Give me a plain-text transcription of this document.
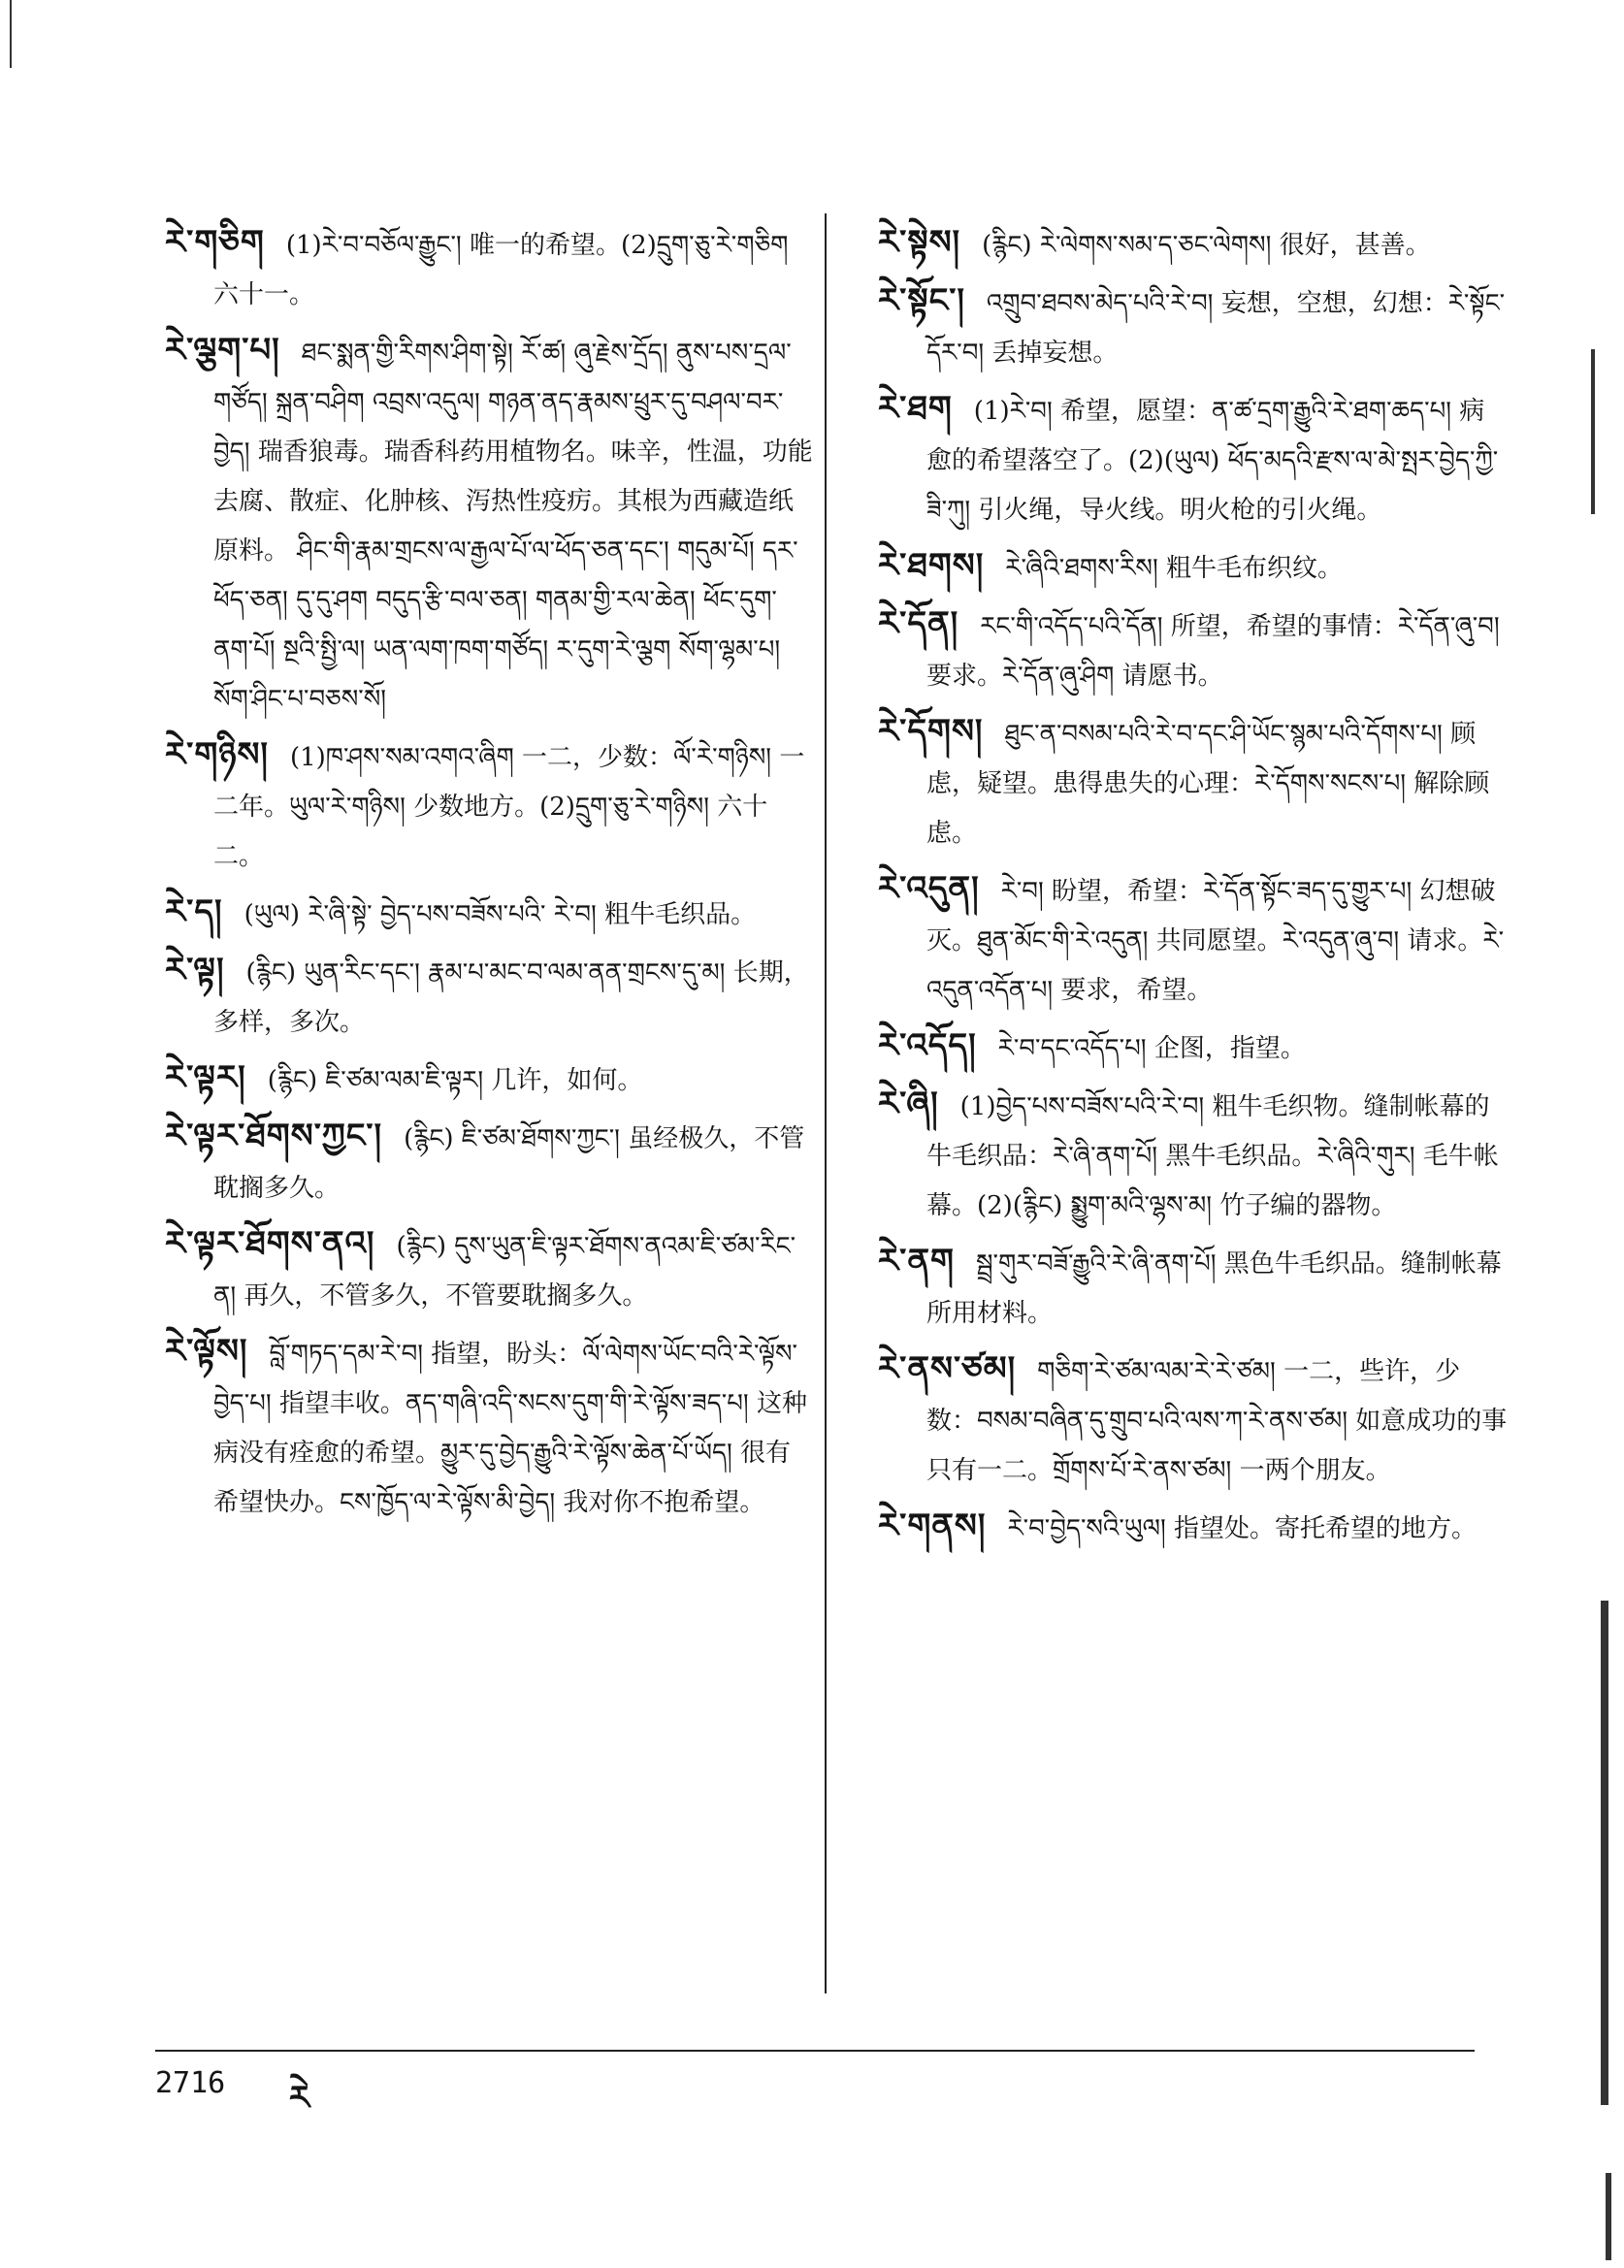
རེ་གཅིག (1)རེ་བ་བཅོལ་རྒྱུང་། 唯一的希望。(2)དྲུག་ཅུ་རེ་གཅིག 六十一。
རེ་ལྕག་པ། ཐང་སྨན་གྱི་རིགས་ཤིག་སྟེ། རོ་ཚ། ཞུ་རྗེས་དྲོད། ནུས་པས་དྲལ་གཙོད། སྐྲན་བཤིག འབྲས་འདུལ། གཉན་ནད་རྣམས་ཕྲུར་དུ་བཤལ་བར་བྱེད། 瑞香狼毒。瑞香科药用植物名。味辛，性温，功能去腐、散症、化肿核、泻热性疫疠。其根为西藏造纸原料。 ཤིང་གི་རྣམ་གྲངས་ལ་རྒྱལ་པོ་ལ་ཕོད་ཅན་དང་། གདུམ་པོ། དར་ཕོད་ཅན། དུ་དུ་ཤག བདུད་རྩི་བལ་ཅན། གནམ་གྱི་རལ་ཆེན། ཕོང་དུག་ནག་པོ། སྔའི་སྤྱི་ལ། ཡན་ལག་ཁག་གཙོད། ར་དུག་རེ་ལྕག སོག་ལྷམ་པ། སོག་ཤིང་པ་བཅས་སོ།
རེ་གཉིས། (1)ཁ་ཤས་སམ་འགའ་ཞིག 一二，少数：ལོ་རེ་གཉིས། 一二年。ཡུལ་རེ་གཉིས། 少数地方。(2)དྲུག་ཅུ་རེ་གཉིས། 六十二。
རེ་ད། (ཡུལ) རེ་ཞི་སྟེ་ བྱེད་པས་བཟོས་པའི་ རེ་བ། 粗牛毛织品。
རེ་ལྟ། (རྙིང) ཡུན་རིང་དང་། རྣམ་པ་མང་བ་ལམ་ནན་གྲངས་དུ་མ། 长期，多样，多次。
རེ་ལྟར། (རྙིང) ཇི་ཙམ་ལམ་ཇི་ལྟར། 几许，如何。
རེ་ལྟར་ཐོགས་ཀྱང་། (རྙིང) ཇི་ཙམ་ཐོགས་ཀྱང་། 虽经极久，不管耽搁多久。
རེ་ལྟར་ཐོགས་ནའ། (རྙིང) དུས་ཡུན་ཇི་ལྟར་ཐོགས་ནའམ་ཇི་ཙམ་རིང་ན། 再久，不管多久，不管要耽搁多久。
རེ་ལྟོས། བློ་གཏད་དམ་རེ་བ། 指望，盼头：ལོ་ལེགས་ཡོང་བའི་རེ་ལྟོས་བྱེད་པ། 指望丰收。ནད་གཞི་འདི་སངས་དུག་གི་རེ་ལྟོས་ཟད་པ། 这种病没有痊愈的希望。མྱུར་དུ་བྱེད་རྒྱུའི་རེ་ལྟོས་ཆེན་པོ་ཡོད། 很有希望快办。ངས་ཁྱོད་ལ་རེ་ལྟོས་མི་བྱེད། 我对你不抱希望。
རེ་སྟེས། (རྙིང) རེ་ལེགས་སམ་ད་ཅང་ལེགས། 很好，甚善。
རེ་སྟོང་། འགྲུབ་ཐབས་མེད་པའི་རེ་བ། 妄想，空想，幻想：རེ་སྟོང་དོར་བ། 丢掉妄想。
རེ་ཐག (1)རེ་བ། 希望，愿望：ན་ཚ་དྲག་རྒྱུའི་རེ་ཐག་ཆད་པ། 病愈的希望落空了。(2)(ཡུལ) ཕོད་མདའི་རྫས་ལ་མེ་སྤར་བྱེད་ཀྱི་ཟི་ཀུ། 引火绳，导火线。明火枪的引火绳。
རེ་ཐགས། རེ་ཞིའི་ཐགས་རིས། 粗牛毛布织纹。
རེ་དོན། རང་གི་འདོད་པའི་དོན། 所望，希望的事情：རེ་དོན་ཞུ་བ། 要求。རེ་དོན་ཞུ་ཤིག 请愿书。
རེ་དོགས། ཐུང་ན་བསམ་པའི་རེ་བ་དང་ཤི་ཡོང་སྙམ་པའི་དོགས་པ། 顾虑，疑望。患得患失的心理：རེ་དོགས་སངས་པ། 解除顾虑。
རེ་འདུན། རེ་བ། 盼望，希望：རེ་དོན་སྟོང་ཟད་དུ་གྱུར་པ། 幻想破灭。ཐུན་མོང་གི་རེ་འདུན། 共同愿望。རེ་འདུན་ཞུ་བ། 请求。རེ་འདུན་འདོན་པ། 要求，希望。
རེ་འདོད། རེ་བ་དང་འདོད་པ། 企图，指望。
རེ་ཞི། (1)བྱེད་པས་བཟོས་པའི་རེ་བ། 粗牛毛织物。缝制帐幕的牛毛织品：རེ་ཞི་ནག་པོ། 黑牛毛织品。རེ་ཞིའི་གུར། 毛牛帐幕。(2)(རྙིང) སྨྱུག་མའི་ལྷས་མ། 竹子编的器物。
རེ་ནག སྦྲ་གུར་བཟོ་རྒྱུའི་རེ་ཞི་ནག་པོ། 黑色牛毛织品。缝制帐幕所用材料。
རེ་ནས་ཙམ། གཅིག་རེ་ཙམ་ལམ་རེ་རེ་ཙམ། 一二，些许，少数：བསམ་བཞིན་དུ་གྲུབ་པའི་ལས་ཀ་རེ་ནས་ཙམ། 如意成功的事只有一二。གྲོགས་པོ་རེ་ནས་ཙམ། 一两个朋友。
རེ་གནས། རེ་བ་བྱེད་སའི་ཡུལ། 指望处。寄托希望的地方。
2716 རེ
